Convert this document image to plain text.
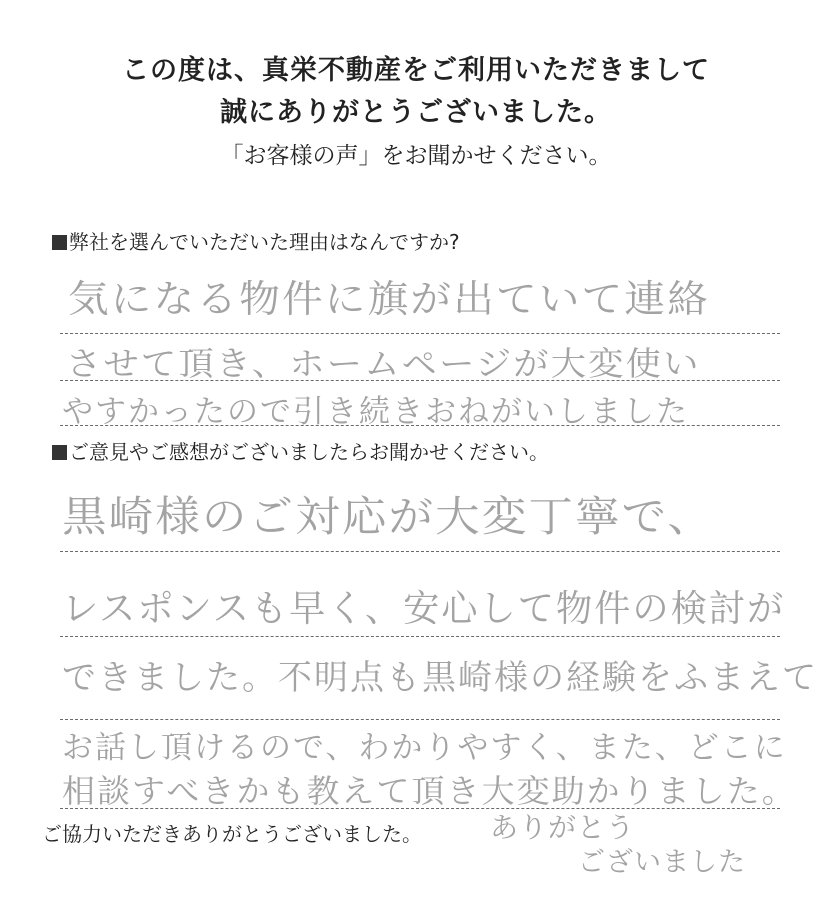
この度は、真栄不動産をご利用いただきまして
誠にありがとうございました。
「お客様の声」をお聞かせください。
弊社を選んでいただいた理由はなんですか?
気になる物件に旗が出ていて連絡
させて頂き、ホームページが大変使い
やすかったので引き続きおねがいしました
ご意見やご感想がございましたらお聞かせください。
黒崎様のご対応が大変丁寧で、
レスポンスも早く、安心して物件の検討が
できました。不明点も黒崎様の経験をふまえて
お話し頂けるので、わかりやすく、また、どこに
相談すべきかも教えて頂き大変助かりました。
ご協力いただきありがとうございました。 ありがとう
ございました
